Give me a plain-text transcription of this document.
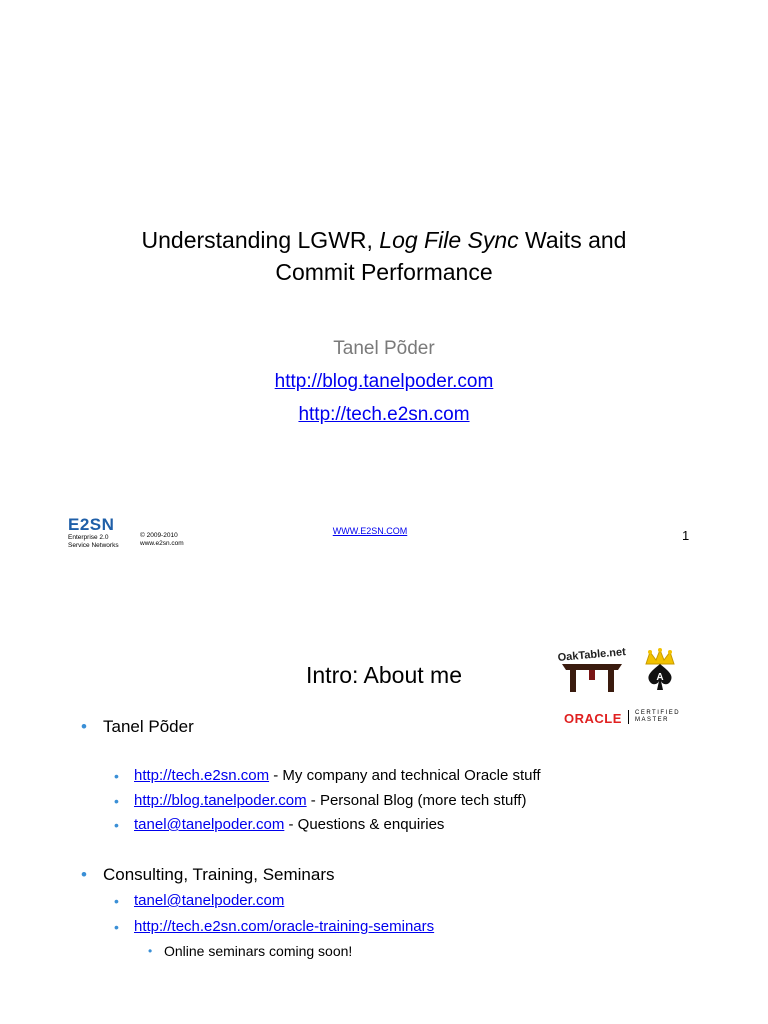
Understanding LGWR, Log File Sync Waits and
Commit Performance
Tanel Põder
http://blog.tanelpoder.com
http://tech.e2sn.com
E2SN
Enterprise 2.0
Service Networks
© 2009-2010
www.e2sn.com
WWW.E2SN.COM	1
Intro: About me
OakTable.net
A
ORACLE CERTIFIED
MASTER
• Tanel Põder
• http://tech.e2sn.com - My company and technical Oracle stuff
• http://blog.tanelpoder.com - Personal Blog (more tech stuff)
• tanel@tanelpoder.com - Questions & enquiries
• Consulting, Training, Seminars
• tanel@tanelpoder.com
• http://tech.e2sn.com/oracle-training-seminars
• Online seminars coming soon!
